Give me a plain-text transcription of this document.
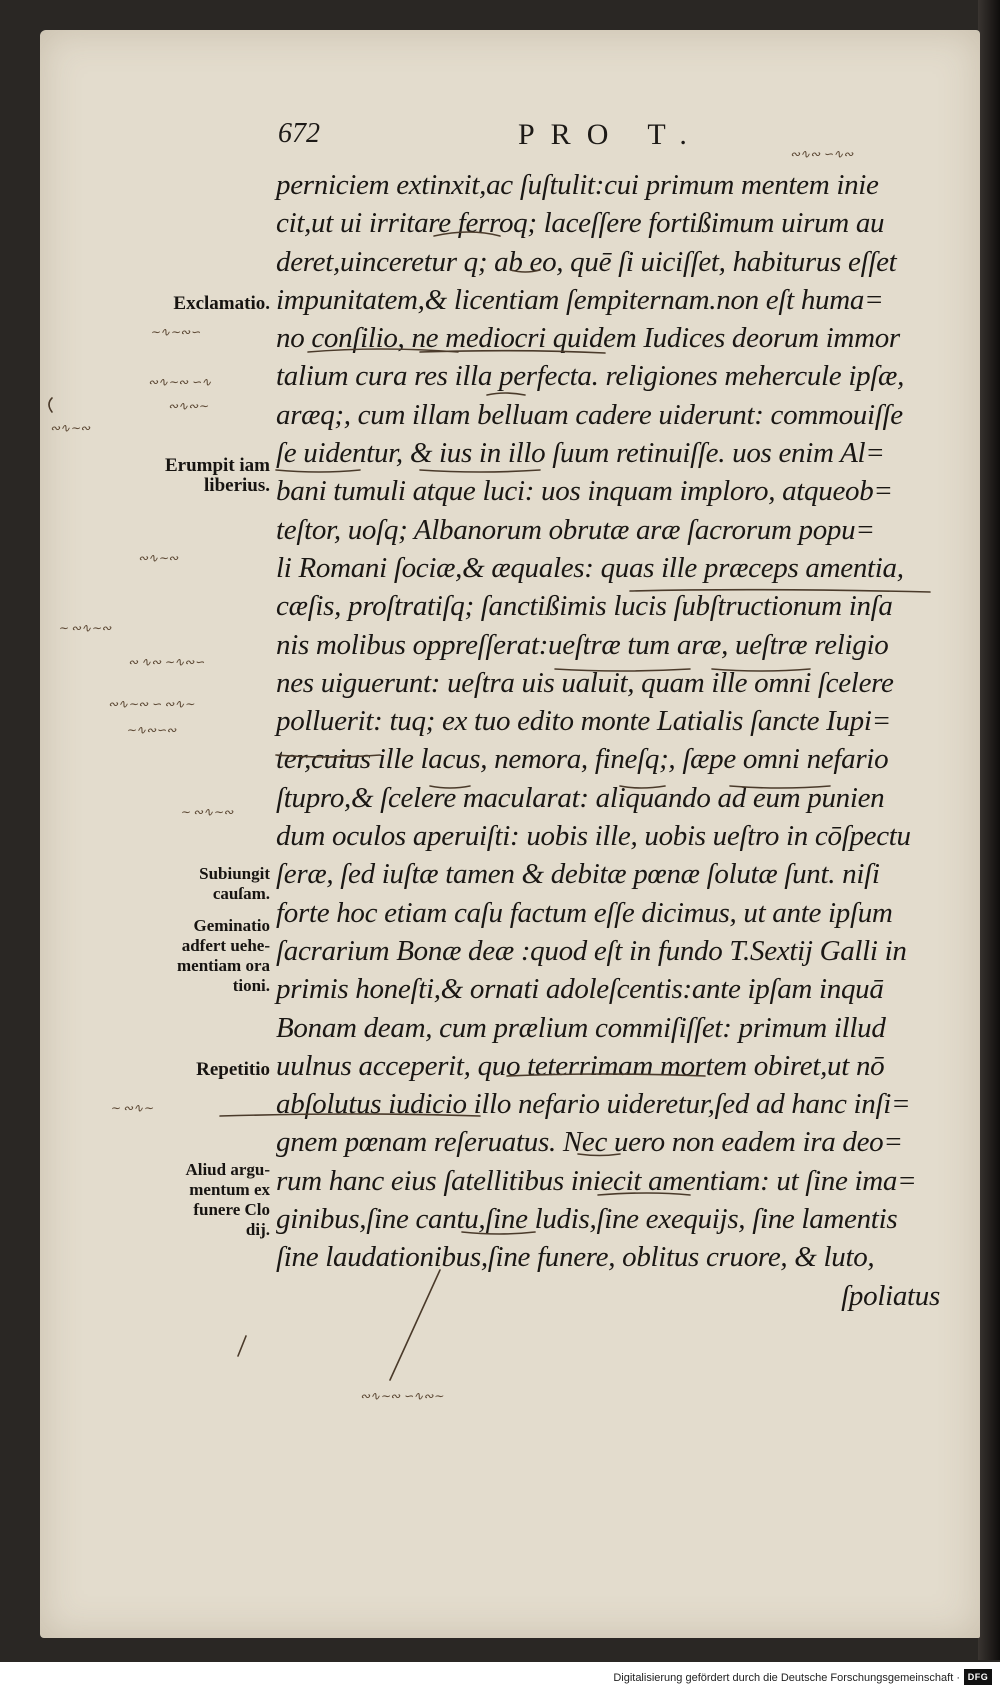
672	PRO T.
perniciem extinxit,ac ſuſtulit:cui primum mentem inie
cit,ut ui irritare ferroq; laceſſere fortißimum uirum au
deret,uinceretur q; ab eo, quē ſi uiciſſet, habiturus eſſet
impunitatem,& licentiam ſempiternam.non eſt huma=
no conſilio, ne mediocri quidem Iudices deorum immor
talium cura res illa perfecta. religiones mehercule ipſæ,
aræq;, cum illam belluam cadere uiderunt: commouiſſe
ſe uidentur, & ius in illo ſuum retinuiſſe. uos enim Al=
bani tumuli atque luci: uos inquam imploro, atqueob=
teſtor, uoſq; Albanorum obrutæ aræ ſacrorum popu=
li Romani ſociæ,& æquales: quas ille præceps amentia,
cæſis, proſtratiſq; ſanctißimis lucis ſubſtructionum inſa
nis molibus oppreſſerat:ueſtræ tum aræ, ueſtræ religio
nes uiguerunt: ueſtra uis ualuit, quam ille omni ſcelere
polluerit: tuq; ex tuo edito monte Latialis ſancte Iupi=
ter,cuius ille lacus, nemora, fineſq;, ſæpe omni nefario
ſtupro,& ſcelere macularat: aliquando ad eum punien
dum oculos aperuiſti: uobis ille, uobis ueſtro in cōſpectu
ſeræ, ſed iuſtæ tamen & debitæ pœnæ ſolutæ ſunt. niſi
forte hoc etiam caſu factum eſſe dicimus, ut ante ipſum
ſacrarium Bonæ deæ :quod eſt in fundo T.Sextij Galli in
primis honeſti,& ornati adoleſcentis:ante ipſam inquā
Bonam deam, cum prælium commiſiſſet: primum illud
uulnus acceperit, quo teterrimam mortem obiret,ut nō
abſolutus iudicio illo nefario uideretur,ſed ad hanc inſi=
gnem pœnam reſeruatus. Nec uero non eadem ira deo=
rum hanc eius ſatellitibus iniecit amentiam: ut ſine ima=
ginibus,ſine cantu,ſine ludis,ſine exequijs, ſine lamentis
ſine laudationibus,ſine funere, oblitus cruore, & luto,
ſpoliatus
Exclamatio.
Erumpit iam
liberius.
Subiungit
cauſam.
Geminatio
adfert uehe-
mentiam ora
tioni.
Repetitio
Aliud argu-
mentum ex
funere Clo
dij.
∾∿∾ ∽∿∾
∼∿∼∾∽
∾∿∼∾ ∽∿
∾∿∾∼
∾∿∼∾
∾∿∼∾
∼ ∾∿∼∾
∾ ∿∾ ∼∿∾∽
∾∿∼∾ ∽ ∾∿∼
∼∿∾∽∾
∼ ∾∿∼∾
∼ ∾∿∼
∾∿∼∾ ∽∿∾∼
Digitalisierung gefördert durch die Deutsche Forschungsgemeinschaft · DFG
